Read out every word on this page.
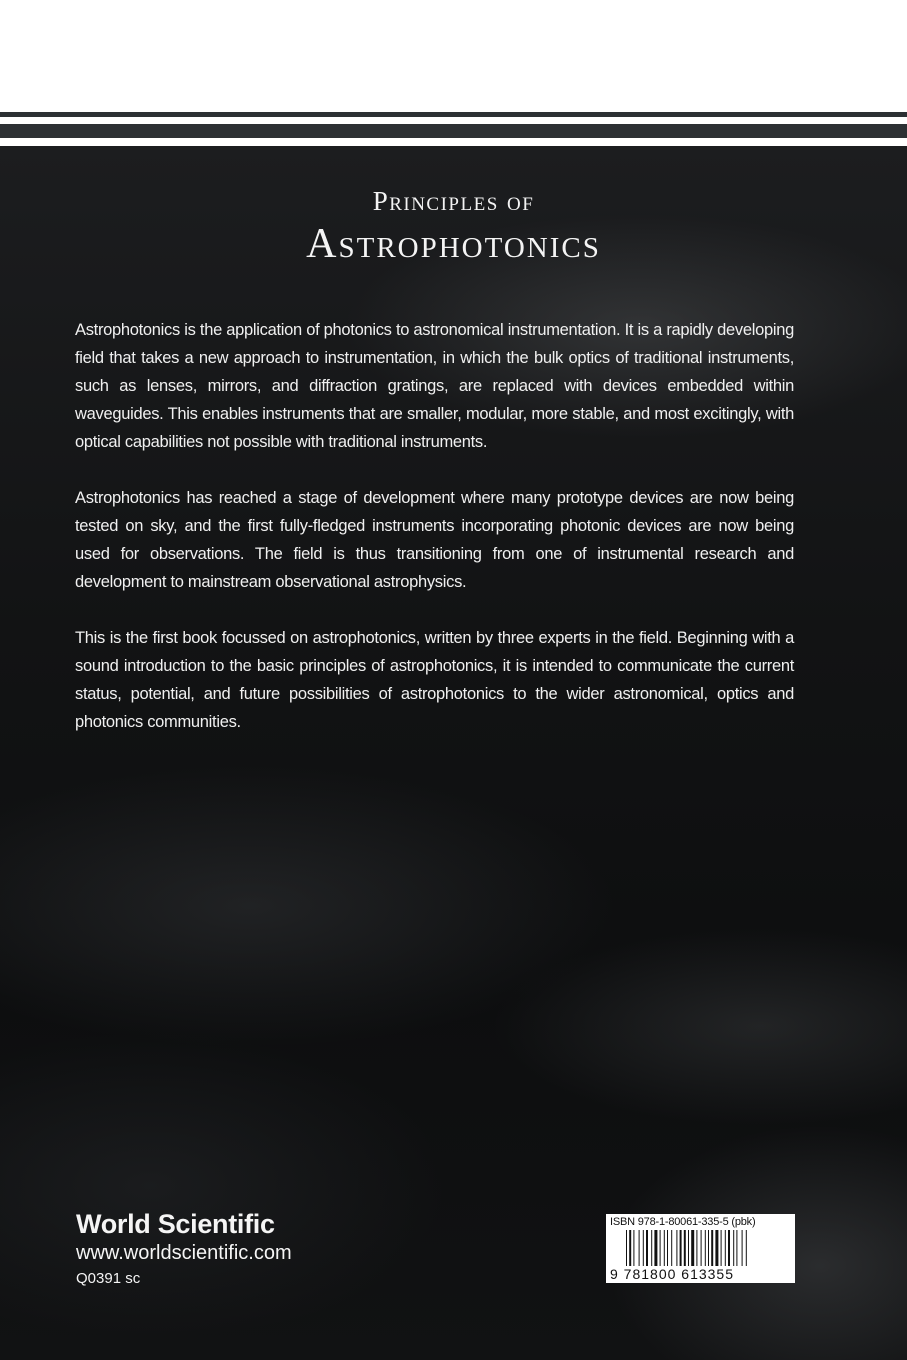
Principles of
Astrophotonics

Astrophotonics is the application of photonics to astronomical instrumentation. It is a rapidly developing field that takes a new approach to instrumentation, in which the bulk optics of traditional instruments, such as lenses, mirrors, and diffraction gratings, are replaced with devices embedded within waveguides. This enables instruments that are smaller, modular, more stable, and most excitingly, with optical capabilities not possible with traditional instruments.

Astrophotonics has reached a stage of development where many prototype devices are now being tested on sky, and the first fully-fledged instruments incorporating photonic devices are now being used for observations. The field is thus transitioning from one of instrumental research and development to mainstream observational astrophysics.

This is the first book focussed on astrophotonics, written by three experts in the field. Beginning with a sound introduction to the basic principles of astrophotonics, it is intended to communicate the current status, potential, and future possibilities of astrophotonics to the wider astronomical, optics and photonics communities.

World Scientific
www.worldscientific.com
Q0391 sc
ISBN 978-1-80061-335-5 (pbk)
9 781800 613355
